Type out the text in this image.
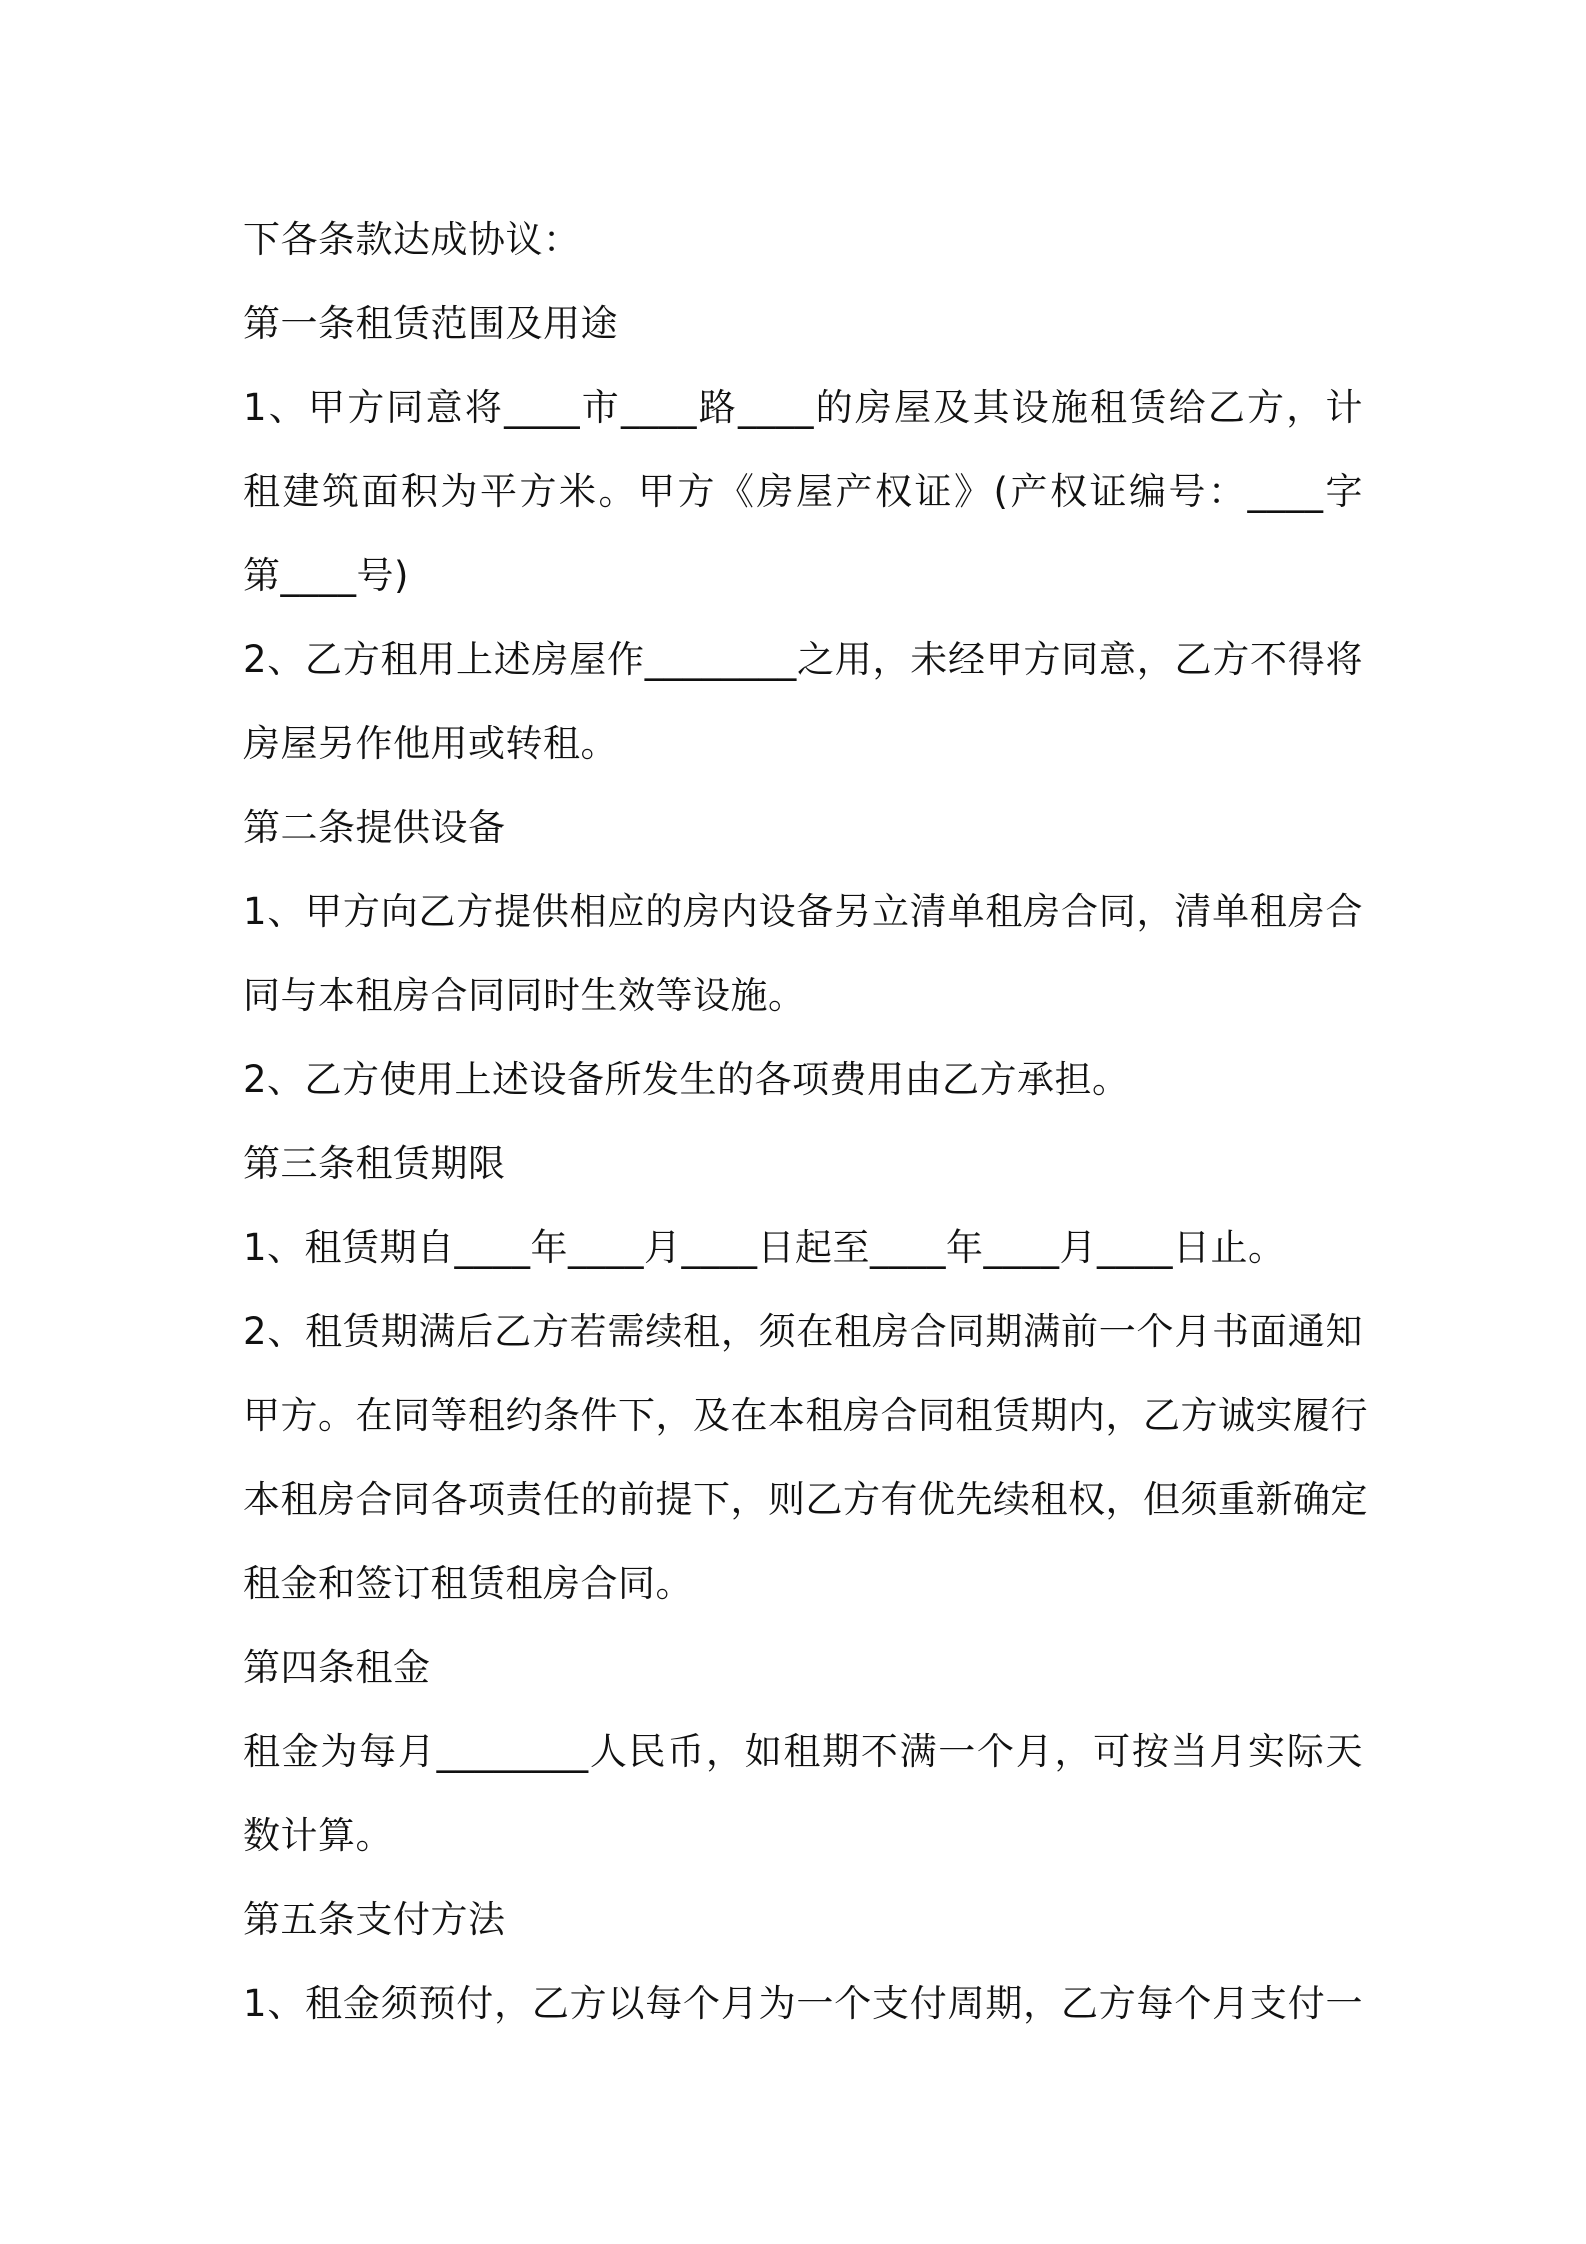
下各条款达成协议：
第一条租赁范围及用途
1、甲方同意将____市____路____的房屋及其设施租赁给乙方，计
租建筑面积为平方米。甲方《房屋产权证》(产权证编号：____字
第____号)
2、乙方租用上述房屋作________之用，未经甲方同意，乙方不得将
房屋另作他用或转租。
第二条提供设备
1、甲方向乙方提供相应的房内设备另立清单租房合同，清单租房合
同与本租房合同同时生效等设施。
2、乙方使用上述设备所发生的各项费用由乙方承担。
第三条租赁期限
1、租赁期自____年____月____日起至____年____月____日止。
2、租赁期满后乙方若需续租，须在租房合同期满前一个月书面通知
甲方。在同等租约条件下，及在本租房合同租赁期内，乙方诚实履行
本租房合同各项责任的前提下，则乙方有优先续租权，但须重新确定
租金和签订租赁租房合同。
第四条租金
租金为每月________人民币，如租期不满一个月，可按当月实际天
数计算。
第五条支付方法
1、租金须预付，乙方以每个月为一个支付周期，乙方每个月支付一
